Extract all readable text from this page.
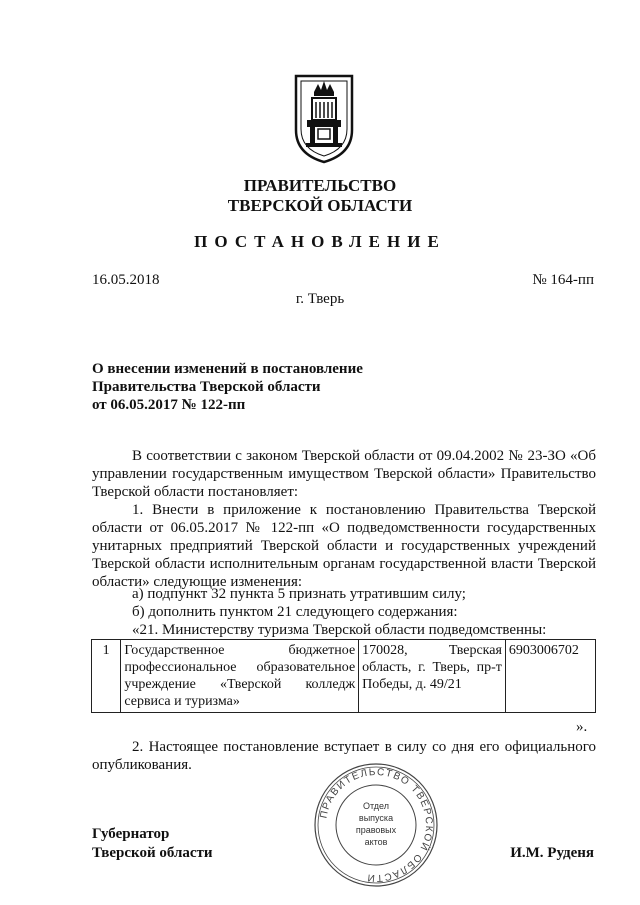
ПРАВИТЕЛЬСТВО
ТВЕРСКОЙ ОБЛАСТИ
ПОСТАНОВЛЕНИЕ
16.05.2018	№ 164-пп
г. Тверь
О внесении изменений в постановление
Правительства Тверской области
от 06.05.2017 № 122-пп
В соответствии с законом Тверской области от 09.04.2002 № 23-ЗО «Об управлении государственным имуществом Тверской области» Правительство Тверской области постановляет:
1. Внести в приложение к постановлению Правительства Тверской области от 06.05.2017 № 122-пп «О подведомственности государственных унитарных предприятий Тверской области и государственных учреждений Тверской области исполнительным органам государственной власти Тверской области» следующие изменения:
а) подпункт 32 пункта 5 признать утратившим силу;
б) дополнить пунктом 21 следующего содержания:
«21. Министерству туризма Тверской области подведомственны:
1	Государственное бюджетное профессиональное образовательное учреждение «Тверской колледж сервиса и туризма»	170028, Тверская область, г. Тверь, пр-т Победы, д. 49/21	6903006702
».
2. Настоящее постановление вступает в силу со дня его официального опубликования.
ПРАВИТЕЛЬСТВО ТВЕРСКОЙ ОБЛАСТИ
Отдел
выпуска
правовых
актов
Губернатор
Тверской области	И.М. Руденя
